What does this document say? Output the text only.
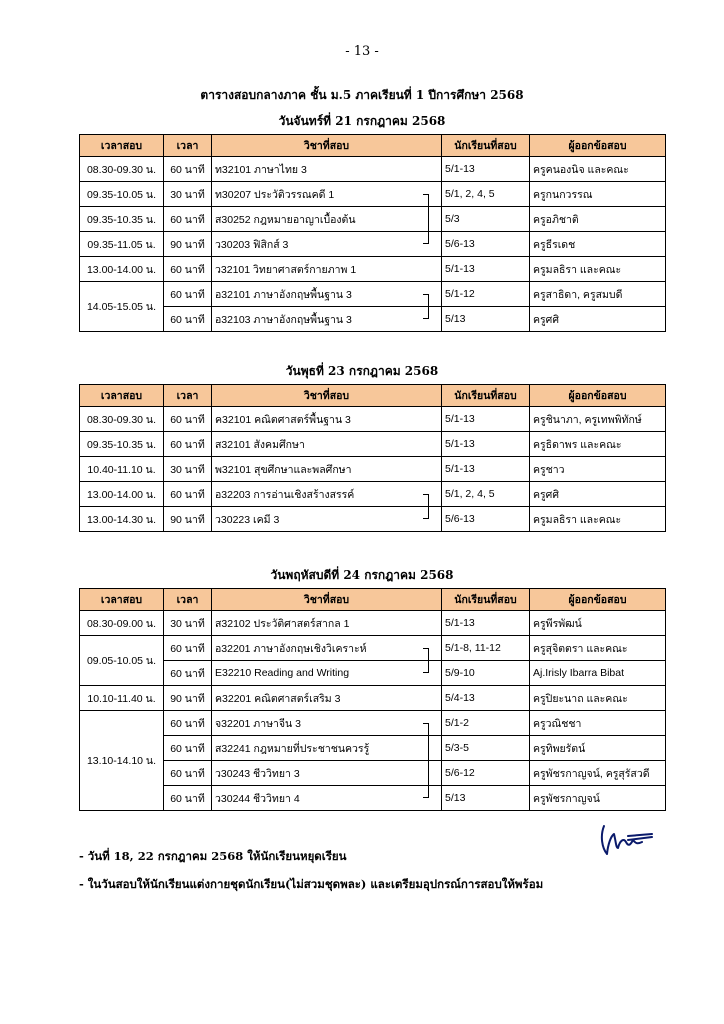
- 13 -
ตารางสอบกลางภาค ชั้น ม.5 ภาคเรียนที่ 1 ปีการศึกษา 2568
วันจันทร์ที่ 21 กรกฎาคม 2568
เวลาสอบ	เวลา	วิชาที่สอบ	นักเรียนที่สอบ	ผู้ออกข้อสอบ
08.30-09.30 น.	60 นาที	ท32101 ภาษาไทย 3	5/1-13	ครูคนองนิจ และคณะ
09.35-10.05 น.	30 นาที	ท30207 ประวัติวรรณคดี 1	5/1, 2, 4, 5	ครูกนกวรรณ
09.35-10.35 น.	60 นาที	ส30252 กฎหมายอาญาเบื้องต้น	5/3	ครูอภิชาติ
09.35-11.05 น.	90 นาที	ว30203 ฟิสิกส์ 3	5/6-13	ครูธีรเดช
13.00-14.00 น.	60 นาที	ว32101 วิทยาศาสตร์กายภาพ 1	5/1-13	ครูมลธิรา และคณะ
14.05-15.05 น.	60 นาที	อ32101 ภาษาอังกฤษพื้นฐาน 3	5/1-12	ครูสาธิดา, ครูสมบดี
	60 นาที	อ32103 ภาษาอังกฤษพื้นฐาน 3	5/13	ครูศศิ
วันพุธที่ 23 กรกฎาคม 2568
เวลาสอบ	เวลา	วิชาที่สอบ	นักเรียนที่สอบ	ผู้ออกข้อสอบ
08.30-09.30 น.	60 นาที	ค32101 คณิตศาสตร์พื้นฐาน 3	5/1-13	ครูชินาภา, ครูเทพพิทักษ์
09.35-10.35 น.	60 นาที	ส32101 สังคมศึกษา	5/1-13	ครูธิดาพร และคณะ
10.40-11.10 น.	30 นาที	พ32101 สุขศึกษาและพลศึกษา	5/1-13	ครูชาว
13.00-14.00 น.	60 นาที	อ32203 การอ่านเชิงสร้างสรรค์	5/1, 2, 4, 5	ครูศศิ
13.00-14.30 น.	90 นาที	ว30223 เคมี 3	5/6-13	ครูมลธิรา และคณะ
วันพฤหัสบดีที่ 24 กรกฎาคม 2568
เวลาสอบ	เวลา	วิชาที่สอบ	นักเรียนที่สอบ	ผู้ออกข้อสอบ
08.30-09.00 น.	30 นาที	ส32102 ประวัติศาสตร์สากล 1	5/1-13	ครูพีรพัฒน์
09.05-10.05 น.	60 นาที	อ32201 ภาษาอังกฤษเชิงวิเคราะห์	5/1-8, 11-12	ครูสุจิตตรา และคณะ
	60 นาที	E32210 Reading and Writing	5/9-10	Aj.Irisly Ibarra Bibat
10.10-11.40 น.	90 นาที	ค32201 คณิตศาสตร์เสริม 3	5/4-13	ครูปิยะนาถ และคณะ
13.10-14.10 น.	60 นาที	จ32201 ภาษาจีน 3	5/1-2	ครูวณิชชา
	60 นาที	ส32241 กฎหมายที่ประชาชนควรรู้	5/3-5	ครูทิพยรัตน์
	60 นาที	ว30243 ชีววิทยา 3	5/6-12	ครูพัชรกาญจน์, ครูสุรัสวดี
	60 นาที	ว30244 ชีววิทยา 4	5/13	ครูพัชรกาญจน์
- วันที่ 18, 22 กรกฎาคม 2568 ให้นักเรียนหยุดเรียน
- ในวันสอบให้นักเรียนแต่งกายชุดนักเรียน(ไม่สวมชุดพละ) และเตรียมอุปกรณ์การสอบให้พร้อม
